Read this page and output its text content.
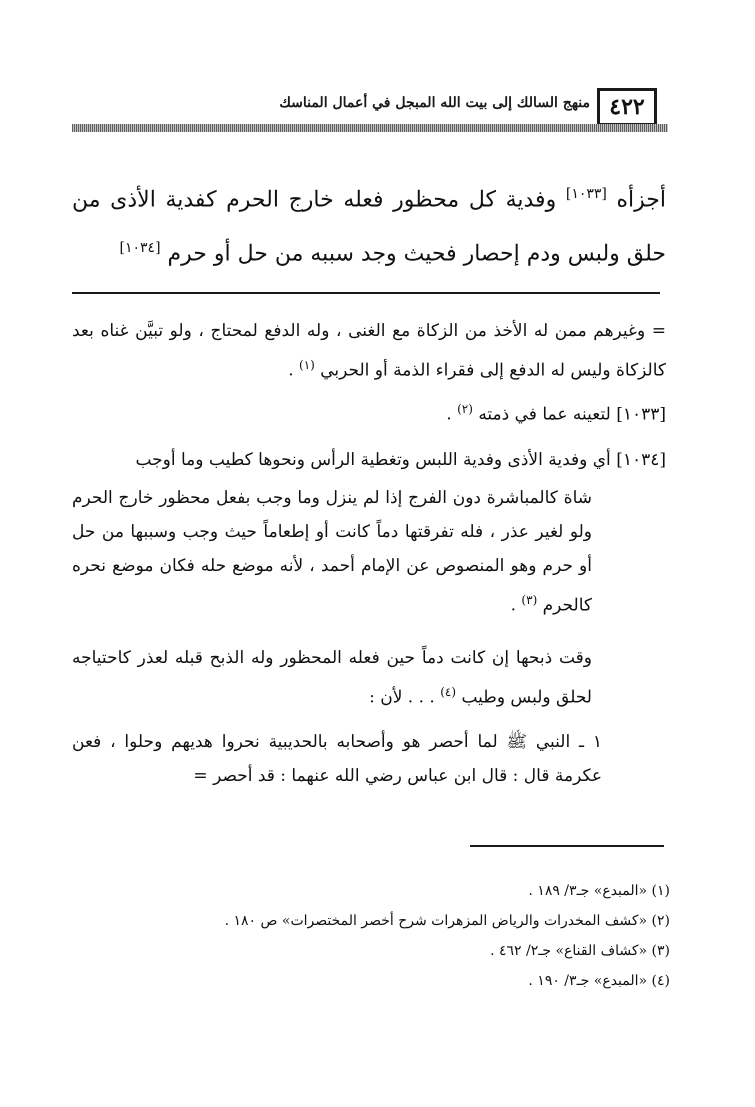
منهج السالك إلى بيت الله المبجل في أعمال المناسك ٤٢٢
أجزأه [١٠٣٣] وفدية كل محظور فعله خارج الحرم كفدية الأذى من حلق ولبس ودم إحصار فحيث وجد سببه من حل أو حرم [١٠٣٤]
= وغيرهم ممن له الأخذ من الزكاة مع الغنى ، وله الدفع لمحتاج ، ولو تبيَّن غناه بعد كالزكاة وليس له الدفع إلى فقراء الذمة أو الحربي $^{(١)}$ .
[١٠٣٣] لتعينه عما في ذمته $^{(٢)}$ .
[١٠٣٤] أي وفدية الأذى وفدية اللبس وتغطية الرأس ونحوها كطيب وما أوجب
شاة كالمباشرة دون الفرج إذا لم ينزل وما وجب بفعل محظور خارج الحرم ولو لغير عذر ، فله تفرقتها دماً كانت أو إطعاماً حيث وجب وسببها من حل أو حرم وهو المنصوص عن الإمام أحمد ، لأنه موضع حله فكان موضع نحره كالحرم $^{(٣)}$ .
وقت ذبحها إن كانت دماً حين فعله المحظور وله الذبح قبله لعذر كاحتياجه لحلق ولبس وطيب $^{(٤)}$ . . . لأن :
١ ـ النبي ﷺ لما أحصر هو وأصحابه بالحديبية نحروا هديهم وحلوا ، فعن عكرمة قال : قال ابن عباس رضي الله عنهما : قد أحصر =
(١) «المبدع» جـ٣/ ١٨٩ .
(٢) «كشف المخدرات والرياض المزهرات شرح أخصر المختصرات» ص ١٨٠ .
(٣) «كشاف القناع» جـ٢/ ٤٦٢ .
(٤) «المبدع» جـ٣/ ١٩٠ .
